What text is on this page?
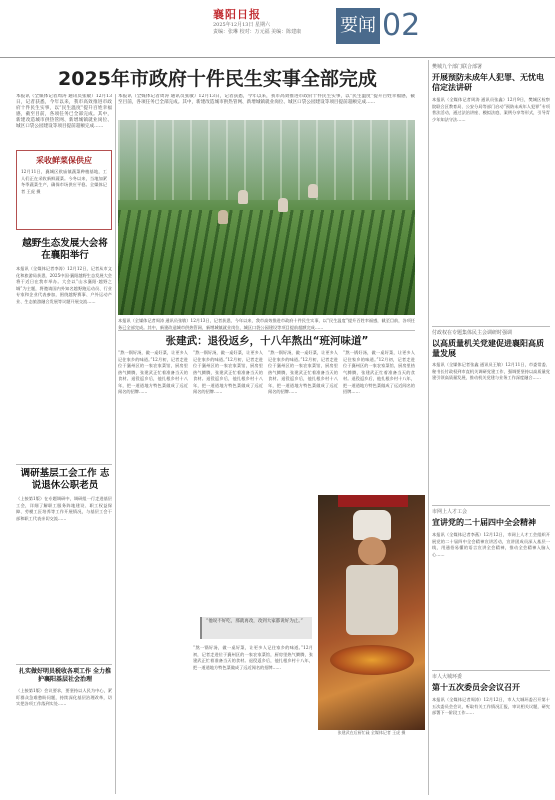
襄阳日报
2025年12月13日 星期六
责编：张琳 校对：万元福 美编：陈建康	要闻 02
2025年市政府十件民生实事全部完成
本报讯（全媒体记者周涛 通讯员张敏）12月13日，记者获悉，今年以来，我市高效推进市政府十件民生实事，以“民生温度”提升百姓幸福感，截至目前，各项任务已全部完成。其中，新建改造城市供热管网、新增城镇就业岗位、城区口袋公园建设等项目提前超额完成……
本报讯（全媒体记者周涛 通讯员张敏）12月13日，记者获悉，今年以来，我市高效推进市政府十件民生实事，以“民生温度”提升百姓幸福感，截至目前，各项任务已全部完成。其中，新建改造城市供热管网、新增城镇就业岗位、城区口袋公园建设等项目提前超额完成……
采收鲜菜保供应
12月11日，襄城区欧庙镇蔬菜种植基地，工人们正在采收新鲜蔬菜。今冬以来，当地加紧冬季蔬菜生产，确保市场供应平稳。全媒体记者 王虎 摄
越野生态发展大会将在襄阳举行
本报讯（全媒体记者李涛）12月12日，记者从市文化和旅游局获悉，2025中国·襄阳越野生态发展大会将于近日在我市举办。大会以“山水襄阳·越野之城”为主题，将邀请国内外知名越野跑运动员、行业专家和企业代表参加，围绕越野赛事、户外运动产业、生态旅游融合发展等议题开展交流……
调研基层工会工作 志说退休公职老员
（上接第1版）在专题调研中，调研组一行走进基层工会，详细了解职工服务阵地建设、职工权益保障、劳模工匠培养等工作开展情况，与基层工会干部和职工代表亲切交流……
扎实做好明员税收各项工作 全力推护襄阳基层社会治理
（上接第1版）会议要求，要坚持以人民为中心，紧盯群众急难愁盼问题，持续深化基层治理改革，切实把各项工作落到实处……
本报讯（全媒体记者周涛 通讯员张敏）12月13日，记者获悉，今年以来，我市高效推进市政府十件民生实事，以“民生温度”提升百姓幸福感，截至目前，各项任务已全部完成。其中，新建改造城市供热管网、新增城镇就业岗位、城区口袋公园建设等项目提前超额完成……
张建武：退役返乡，十八年熬出“班河味道”
“熬一锅好汤，做一桌好菜，让更多人记住家乡的味道。”12月初，记者走进位于襄州区的一家农家菜馆，厨房里热气腾腾，张建武正忙着准备当天的食材。退役返乡后，他扎根乡村十八年，把一道道地方特色菜做成了远近闻名的招牌……
“熬一锅好汤，做一桌好菜，让更多人记住家乡的味道。”12月初，记者走进位于襄州区的一家农家菜馆，厨房里热气腾腾，张建武正忙着准备当天的食材。退役返乡后，他扎根乡村十八年，把一道道地方特色菜做成了远近闻名的招牌……
“熬一锅好汤，做一桌好菜，让更多人记住家乡的味道。”12月初，记者走进位于襄州区的一家农家菜馆，厨房里热气腾腾，张建武正忙着准备当天的食材。退役返乡后，他扎根乡村十八年，把一道道地方特色菜做成了远近闻名的招牌……
“熬一锅好汤，做一桌好菜，让更多人记住家乡的味道。”12月初，记者走进位于襄州区的一家农家菜馆，厨房里热气腾腾，张建武正忙着准备当天的食材。退役返乡后，他扎根乡村十八年，把一道道地方特色菜做成了远近闻名的招牌……
“他说不好吃，那就再改，改到大家都说好为止。”
“熬一锅好汤，做一桌好菜，让更多人记住家乡的味道。”12月初，记者走进位于襄州区的一家农家菜馆，厨房里热气腾腾，张建武正忙着准备当天的食材。退役返乡后，他扎根乡村十八年，把一道道地方特色菜做成了远近闻名的招牌……
张建武在后厨忙碌 全媒体记者 王虎 摄
樊城九个部门联合部署
开展预防未成年人犯罪、无忧电信定法讲研
本报讯（全媒体记者周涛 通讯员张鑫）12月9日，樊城区检察院联合区教育局、公安分局等部门启动“预防未成年人犯罪”专项普法活动，通过法治讲座、模拟法庭、案例分享等形式，引导青少年知法守法……
付政权在专题集体民主会调研时强调
以高质量机关党建促进襄阳高质量发展
本报讯（全媒体记者张鑫 通讯员王敏）12月11日，市委常委、秘书长付政权到市直机关调研党建工作，强调要坚持以高质量党建引领高质量发展，推动机关党建与业务工作深度融合……
市网上人才工会
宣讲党的二十届四中全会精神
本报讯（全媒体记者李燕）12月12日，市网上人才工会组织开展党的二十届四中全会精神宣讲活动，宣讲团成员深入基层一线，用通俗易懂的语言宣讲全会精神，推动全会精神入脑入心……
市人大城环委
第十五次委员会会议召开
本报讯（全媒体记者周涛）12月12日，市人大城环委召开第十五次委员会会议，听取有关工作情况汇报，审议相关议题，研究部署下一阶段工作……
